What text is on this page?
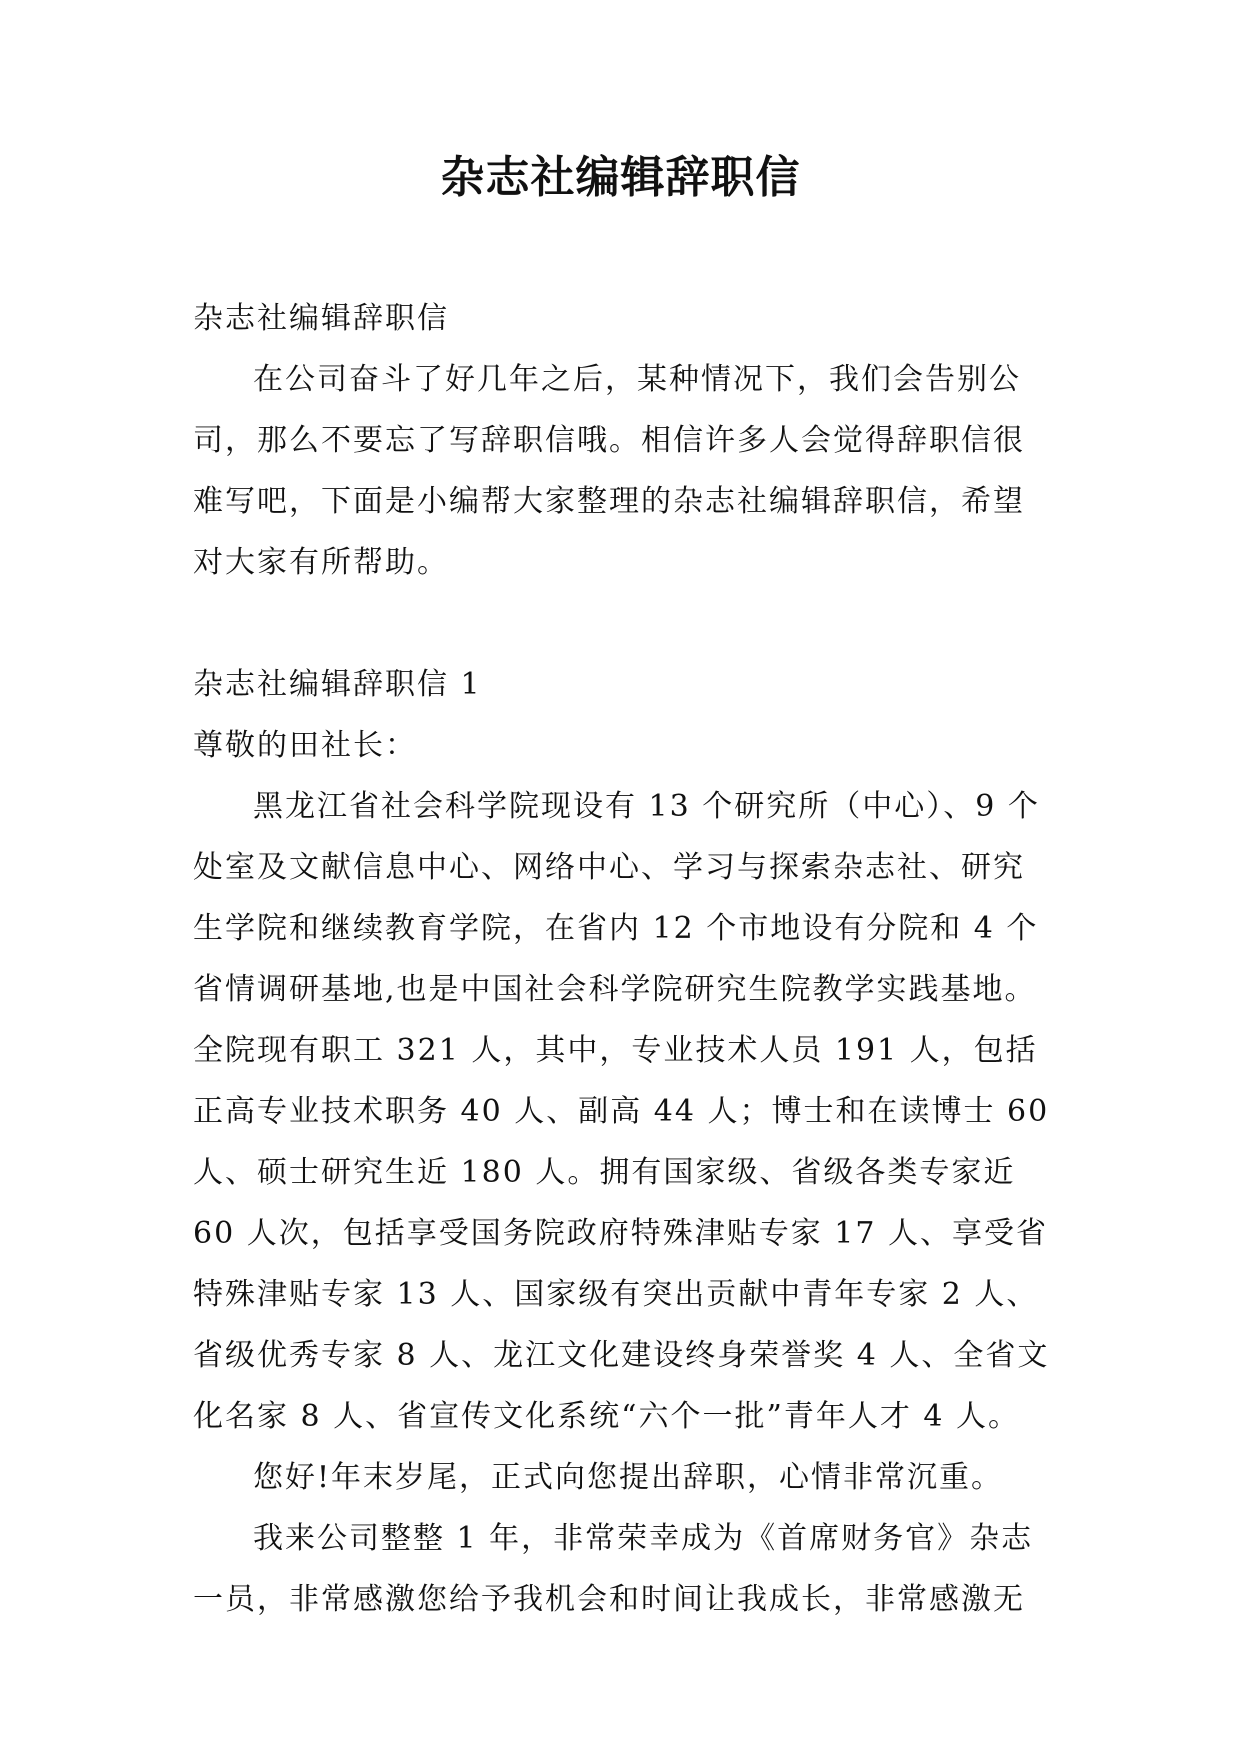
杂志社编辑辞职信

杂志社编辑辞职信

在公司奋斗了好几年之后，某种情况下，我们会告别公司，那么不要忘了写辞职信哦。相信许多人会觉得辞职信很难写吧，下面是小编帮大家整理的杂志社编辑辞职信，希望对大家有所帮助。

杂志社编辑辞职信 1

尊敬的田社长：

黑龙江省社会科学院现设有 13 个研究所（中心）、9 个处室及文献信息中心、网络中心、学习与探索杂志社、研究生学院和继续教育学院，在省内 12 个市地设有分院和 4 个省情调研基地,也是中国社会科学院研究生院教学实践基地。全院现有职工 321 人，其中，专业技术人员 191 人，包括正高专业技术职务 40 人、副高 44 人；博士和在读博士 60 人、硕士研究生近 180 人。拥有国家级、省级各类专家近 60 人次，包括享受国务院政府特殊津贴专家 17 人、享受省特殊津贴专家 13 人、国家级有突出贡献中青年专家 2 人、省级优秀专家 8 人、龙江文化建设终身荣誉奖 4 人、全省文化名家 8 人、省宣传文化系统“六个一批”青年人才 4 人。

您好!年末岁尾，正式向您提出辞职，心情非常沉重。

我来公司整整 1 年，非常荣幸成为《首席财务官》杂志一员，非常感激您给予我机会和时间让我成长，非常感激无
